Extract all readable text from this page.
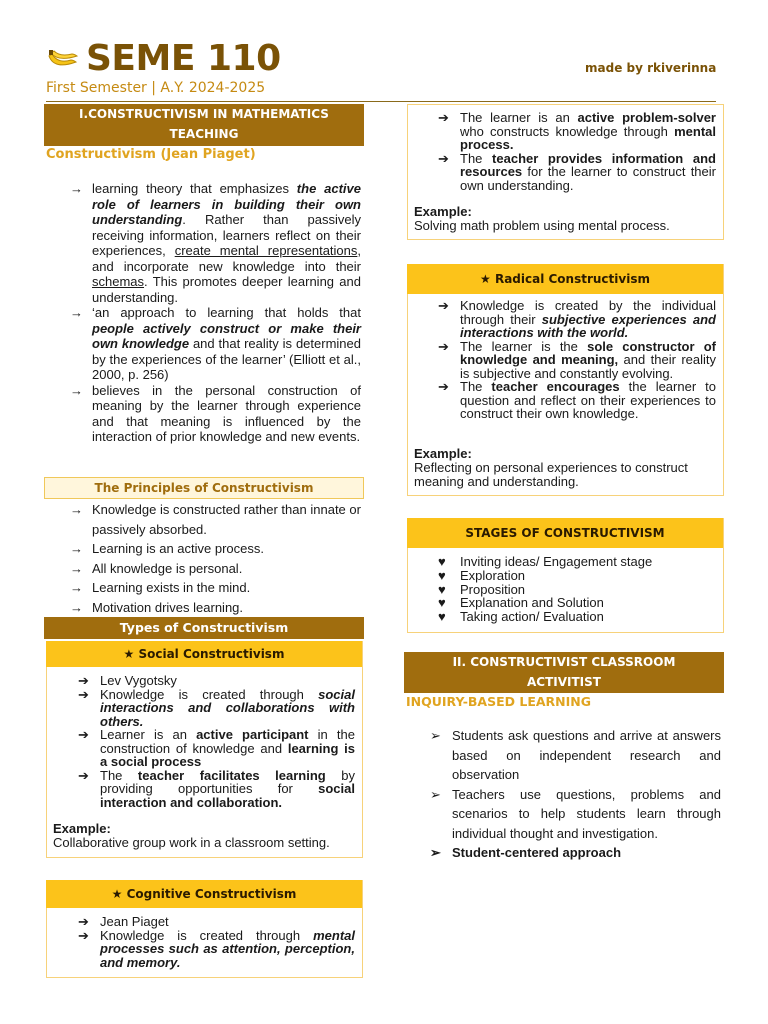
SEME 110	made by rkiverinna
First Semester | A.Y. 2024-2025
I.CONSTRUCTIVISM IN MATHEMATICS
TEACHING
Constructivism (Jean Piaget)
→ learning theory that emphasizes the active role of learners in building their own understanding. Rather than passively receiving information, learners reflect on their experiences, create mental representations, and incorporate new knowledge into their schemas. This promotes deeper learning and understanding.
→ ‘an approach to learning that holds that people actively construct or make their own knowledge and that reality is determined by the experiences of the learner’ (Elliott et al., 2000, p. 256)
→ believes in the personal construction of meaning by the learner through experience and that meaning is influenced by the interaction of prior knowledge and new events.
The Principles of Constructivism
→ Knowledge is constructed rather than innate or passively absorbed.
→ Learning is an active process.
→ All knowledge is personal.
→ Learning exists in the mind.
→ Motivation drives learning.
Types of Constructivism
★ Social Constructivism
➔ Lev Vygotsky
➔ Knowledge is created through social interactions and collaborations with others.
➔ Learner is an active participant in the construction of knowledge and learning is a social process
➔ The teacher facilitates learning by providing opportunities for social interaction and collaboration.
Example:
Collaborative group work in a classroom setting.
★ Cognitive Constructivism
➔ Jean Piaget
➔ Knowledge is created through mental processes such as attention, perception, and memory.
➔ The learner is an active problem-solver who constructs knowledge through mental process.
➔ The teacher provides information and resources for the learner to construct their own understanding.
Example:
Solving math problem using mental process.
★ Radical Constructivism
➔ Knowledge is created by the individual through their subjective experiences and interactions with the world.
➔ The learner is the sole constructor of knowledge and meaning, and their reality is subjective and constantly evolving.
➔ The teacher encourages the learner to question and reflect on their experiences to construct their own knowledge.
Example:
Reflecting on personal experiences to construct meaning and understanding.
STAGES OF CONSTRUCTIVISM
♥ Inviting ideas/ Engagement stage
♥ Exploration
♥ Proposition
♥ Explanation and Solution
♥ Taking action/ Evaluation
II. CONSTRUCTIVIST CLASSROOM
ACTIVITIST
INQUIRY-BASED LEARNING
➢ Students ask questions and arrive at answers based on independent research and observation
➢ Teachers use questions, problems and scenarios to help students learn through individual thought and investigation.
➢ Student-centered approach
